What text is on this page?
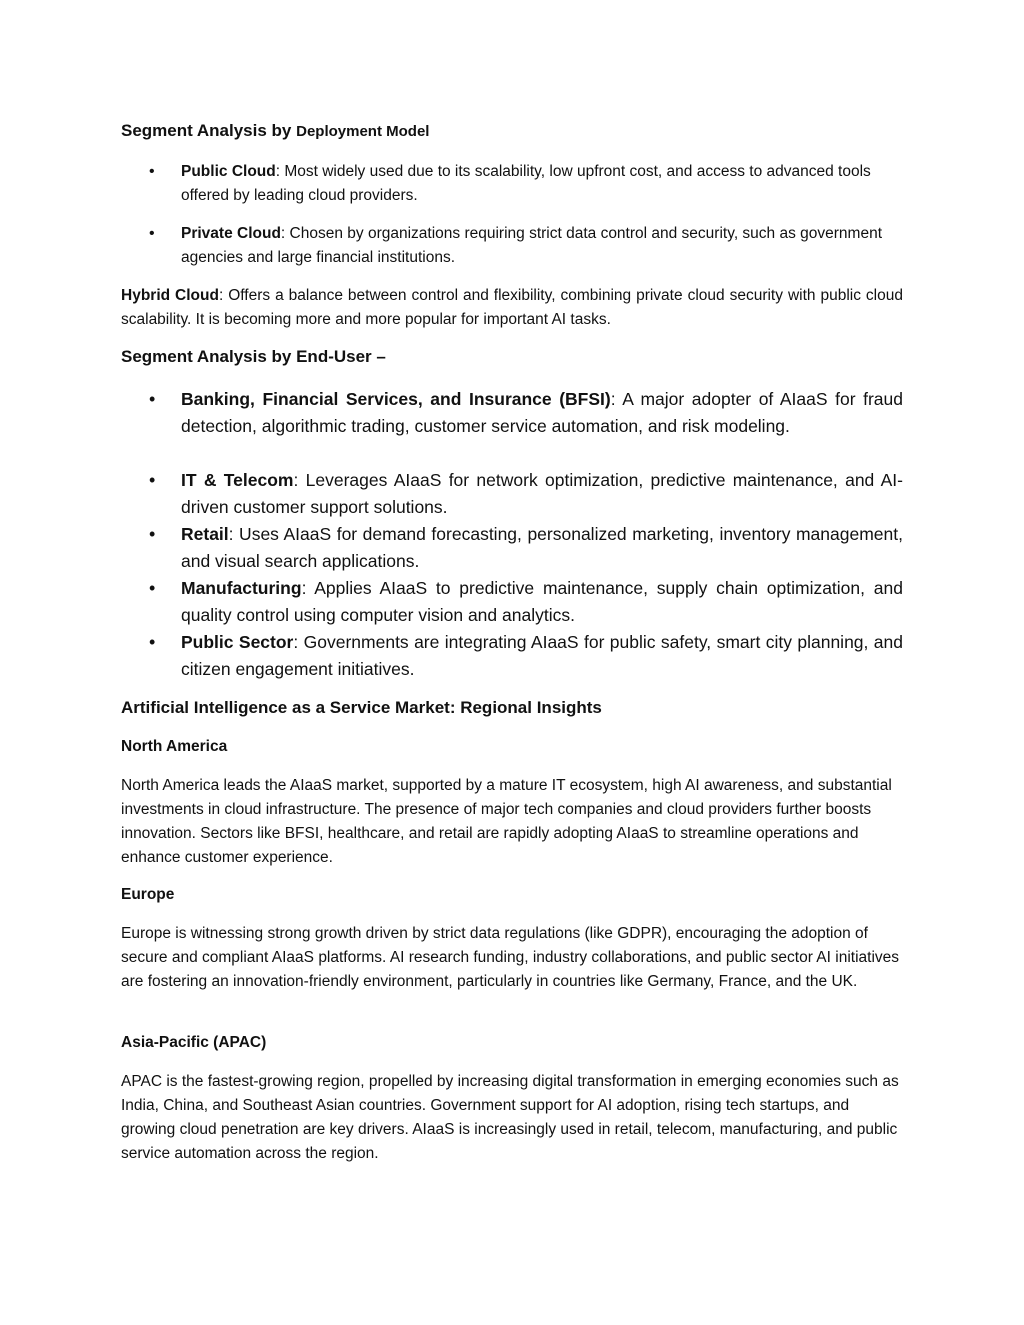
Segment Analysis by Deployment Model
• Public Cloud: Most widely used due to its scalability, low upfront cost, and access to advanced tools offered by leading cloud providers.
• Private Cloud: Chosen by organizations requiring strict data control and security, such as government agencies and large financial institutions.
Hybrid Cloud: Offers a balance between control and flexibility, combining private cloud security with public cloud scalability. It is becoming more and more popular for important AI tasks.
Segment Analysis by End-User –
• Banking, Financial Services, and Insurance (BFSI): A major adopter of AIaaS for fraud detection, algorithmic trading, customer service automation, and risk modeling.
• IT & Telecom: Leverages AIaaS for network optimization, predictive maintenance, and AI-driven customer support solutions.
• Retail: Uses AIaaS for demand forecasting, personalized marketing, inventory management, and visual search applications.
• Manufacturing: Applies AIaaS to predictive maintenance, supply chain optimization, and quality control using computer vision and analytics.
• Public Sector: Governments are integrating AIaaS for public safety, smart city planning, and citizen engagement initiatives.
Artificial Intelligence as a Service Market: Regional Insights
North America
North America leads the AIaaS market, supported by a mature IT ecosystem, high AI awareness, and substantial investments in cloud infrastructure. The presence of major tech companies and cloud providers further boosts innovation. Sectors like BFSI, healthcare, and retail are rapidly adopting AIaaS to streamline operations and enhance customer experience.
Europe
Europe is witnessing strong growth driven by strict data regulations (like GDPR), encouraging the adoption of secure and compliant AIaaS platforms. AI research funding, industry collaborations, and public sector AI initiatives are fostering an innovation-friendly environment, particularly in countries like Germany, France, and the UK.
Asia-Pacific (APAC)
APAC is the fastest-growing region, propelled by increasing digital transformation in emerging economies such as India, China, and Southeast Asian countries. Government support for AI adoption, rising tech startups, and growing cloud penetration are key drivers. AIaaS is increasingly used in retail, telecom, manufacturing, and public service automation across the region.
